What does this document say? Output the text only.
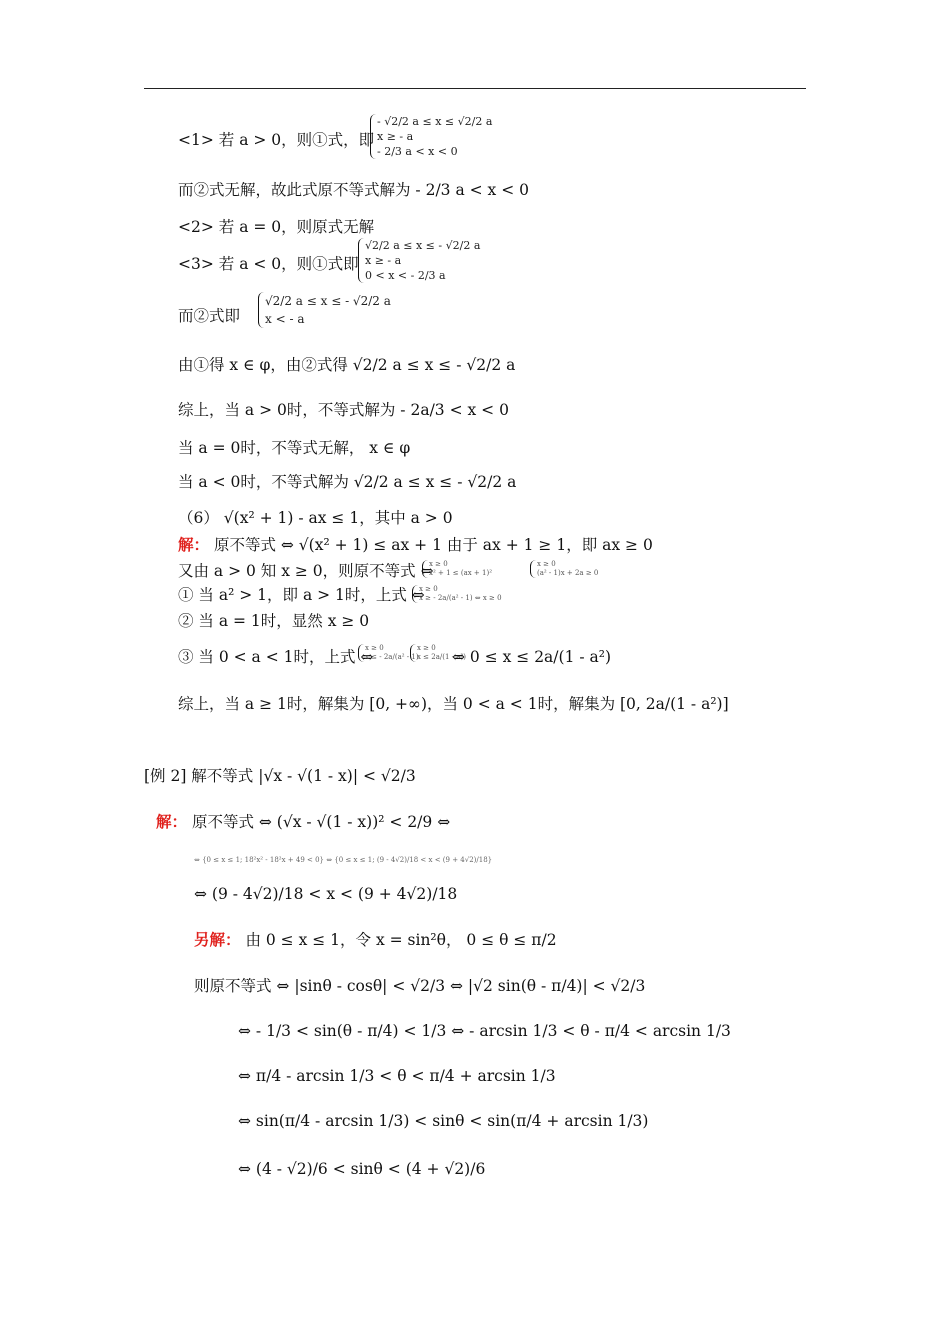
<1> 若 a > 0，则①式，即
- √2/2 a ≤ x ≤ √2/2 a
x ≥ - a
- 2/3 a < x < 0
而②式无解，故此式原不等式解为 - 2/3 a < x < 0
<2> 若 a = 0，则原式无解
<3> 若 a < 0，则①式即
√2/2 a ≤ x ≤ - √2/2 a
x ≥ - a
0 < x < - 2/3 a
而②式即
√2/2 a ≤ x ≤ - √2/2 a
x < - a
由①得 x ∈ φ，由②式得 √2/2 a ≤ x ≤ - √2/2 a
综上，当 a > 0时，不等式解为 - 2a/3 < x < 0
当 a = 0时，不等式无解， x ∈ φ
当 a < 0时，不等式解为 √2/2 a ≤ x ≤ - √2/2 a
（6） √(x² + 1) - ax ≤ 1，其中 a > 0
解： 原不等式 ⇔ √(x² + 1) ≤ ax + 1 由于 ax + 1 ≥ 1，即 ax ≥ 0
又由 a > 0 知 x ≥ 0，则原不等式 ⇔
x ≥ 0
x² + 1 ≤ (ax + 1)²
x ≥ 0
(a² - 1)x + 2a ≥ 0
① 当 a² > 1，即 a > 1时，上式 ⇔
x ≥ 0
x ≥ - 2a/(a² - 1) ⇔ x ≥ 0
② 当 a = 1时，显然 x ≥ 0
③ 当 0 < a < 1时，上式 ⇔
x ≥ 0
x ≤ - 2a/(a² - 1)
x ≥ 0
x ≤ 2a/(1 - a²)
⇔ 0 ≤ x ≤ 2a/(1 - a²)
综上，当 a ≥ 1时，解集为 [0, +∞)，当 0 < a < 1时，解集为 [0, 2a/(1 - a²)]
[例 2] 解不等式 |√x - √(1 - x)| < √2/3
解： 原不等式 ⇔ (√x - √(1 - x))² < 2/9 ⇔
⇔ {0 ≤ x ≤ 1; 18²x² - 18²x + 49 < 0} ⇔ {0 ≤ x ≤ 1; (9 - 4√2)/18 < x < (9 + 4√2)/18}
⇔ (9 - 4√2)/18 < x < (9 + 4√2)/18
另解： 由 0 ≤ x ≤ 1，令 x = sin²θ， 0 ≤ θ ≤ π/2
则原不等式 ⇔ |sinθ - cosθ| < √2/3 ⇔ |√2 sin(θ - π/4)| < √2/3
⇔ - 1/3 < sin(θ - π/4) < 1/3 ⇔ - arcsin 1/3 < θ - π/4 < arcsin 1/3
⇔ π/4 - arcsin 1/3 < θ < π/4 + arcsin 1/3
⇔ sin(π/4 - arcsin 1/3) < sinθ < sin(π/4 + arcsin 1/3)
⇔ (4 - √2)/6 < sinθ < (4 + √2)/6
